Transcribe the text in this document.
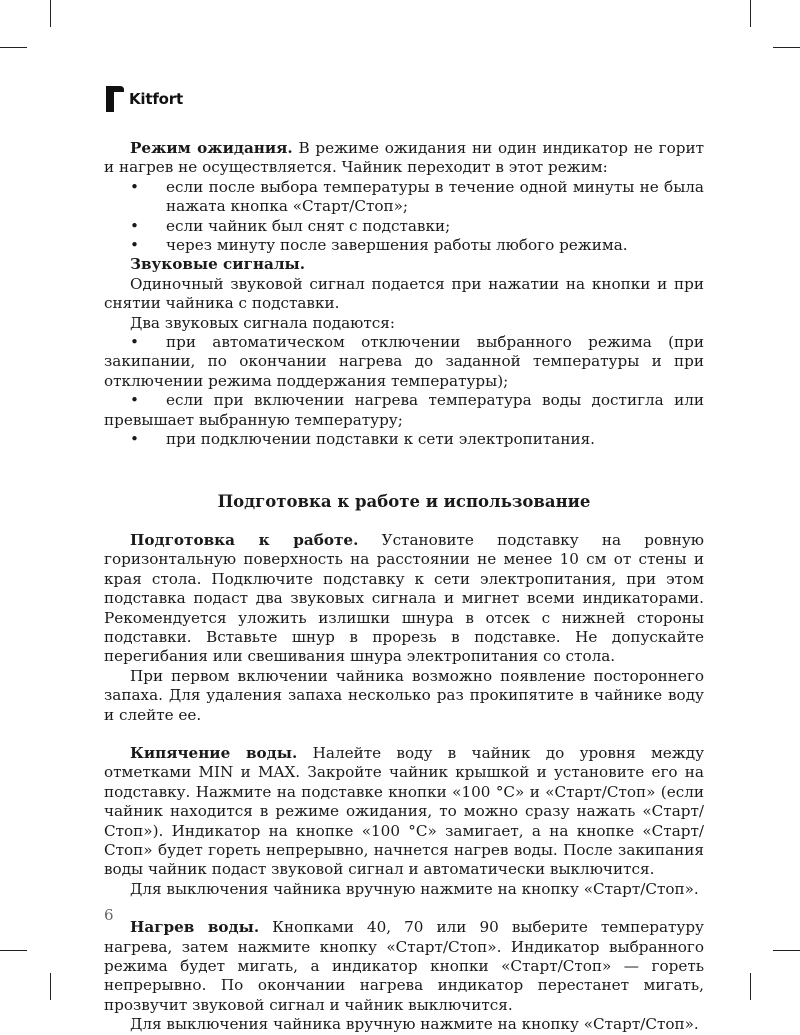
Kitfort

Режим ожидания. В режиме ожидания ни один индикатор не горит и нагрев не осуществляется. Чайник переходит в этот режим:

•	если после выбора температуры в течение одной минуты не была нажата кнопка «Старт/Стоп»;
•	если чайник был снят с подставки;
•	через минуту после завершения работы любого режима.

Звуковые сигналы.

Одиночный звуковой сигнал подается при нажатии на кнопки и при снятии чайника с подставки.

Два звуковых сигнала подаются:

• при автоматическом отключении выбранного режима (при закипании, по окончании нагрева до заданной температуры и при отключении режима поддержания температуры);
• если при включении нагрева температура воды достигла или превышает выбранную температуру;
•	при подключении подставки к сети электропитания.
Подготовка к работе и использование

Подготовка к работе. Установите подставку на ровную горизонтальную поверхность на расстоянии не менее 10 см от стены и края стола. Подключите подставку к сети электропитания, при этом подставка подаст два звуковых сигнала и мигнет всеми индикаторами. Рекомендуется уложить излишки шнура в отсек с нижней стороны подставки. Вставьте шнур в прорезь в подставке. Не допускайте перегибания или свешивания шнура электропитания со стола.

При первом включении чайника возможно появление постороннего запаха. Для удаления запаха несколько раз прокипятите в чайнике воду и слейте ее.

Кипячение воды. Налейте воду в чайник до уровня между отметками MIN и MAX. Закройте чайник крышкой и установите его на подставку. Нажмите на подставке кнопки «100 °С» и «Старт/Стоп» (если чайник находится в режиме ожидания, то можно сразу нажать «Старт/Стоп»). Индикатор на кнопке «100 °С» замигает, а на кнопке «Старт/Стоп» будет гореть непрерывно, начнется нагрев воды. После закипания воды чайник подаст звуковой сигнал и автоматически выключится.

Для выключения чайника вручную нажмите на кнопку «Старт/Стоп».

Нагрев воды. Кнопками 40, 70 или 90 выберите температуру нагрева, затем нажмите кнопку «Старт/Стоп». Индикатор выбранного режима будет мигать, а индикатор кнопки «Старт/Стоп» — гореть непрерывно. По окончании нагрева индикатор перестанет мигать, прозвучит звуковой сигнал и чайник выключится.

Для выключения чайника вручную нажмите на кнопку «Старт/Стоп».

6
